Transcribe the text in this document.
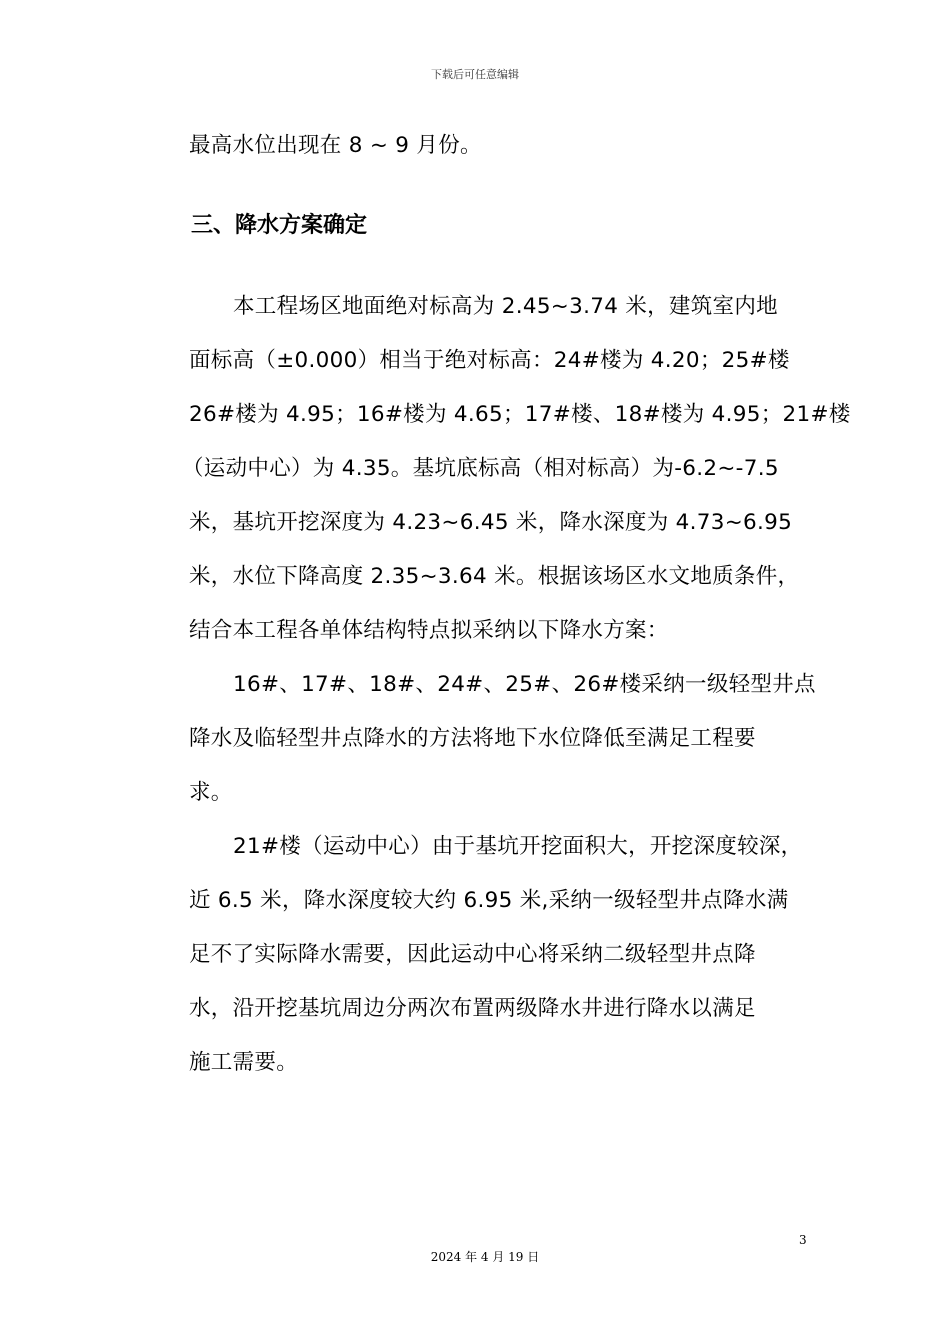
下载后可任意编辑
最高水位出现在 8 ~ 9 月份。
三、降水方案确定
本工程场区地面绝对标高为 2.45~3.74 米，建筑室内地
面标高（±0.000）相当于绝对标高：24#楼为 4.20；25#楼
26#楼为 4.95；16#楼为 4.65；17#楼、18#楼为 4.95；21#楼
（运动中心）为 4.35。基坑底标高（相对标高）为-6.2~-7.5
米，基坑开挖深度为 4.23~6.45 米，降水深度为 4.73~6.95
米，水位下降高度 2.35~3.64 米。根据该场区水文地质条件，
结合本工程各单体结构特点拟采纳以下降水方案：
16#、17#、18#、24#、25#、26#楼采纳一级轻型井点
降水及临轻型井点降水的方法将地下水位降低至满足工程要
求。
21#楼（运动中心）由于基坑开挖面积大，开挖深度较深，
近 6.5 米，降水深度较大约 6.95 米,采纳一级轻型井点降水满
足不了实际降水需要，因此运动中心将采纳二级轻型井点降
水，沿开挖基坑周边分两次布置两级降水井进行降水以满足
施工需要。
3
2024 年 4 月 19 日
